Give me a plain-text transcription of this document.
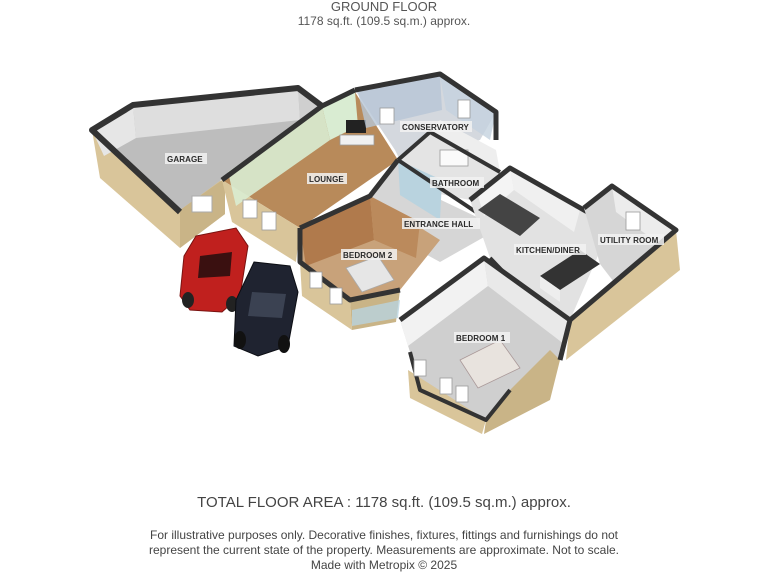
GROUND FLOOR
1178 sq.ft. (109.5 sq.m.) approx.
GARAGE
LOUNGE
CONSERVATORY
BATHROOM
ENTRANCE HALL
BEDROOM 2
KITCHEN/DINER
UTILITY ROOM
BEDROOM 1
TOTAL FLOOR AREA : 1178 sq.ft. (109.5 sq.m.) approx.
For illustrative purposes only. Decorative finishes, fixtures, fittings and furnishings do not
represent the current state of the property. Measurements are approximate. Not to scale.
Made with Metropix © 2025
